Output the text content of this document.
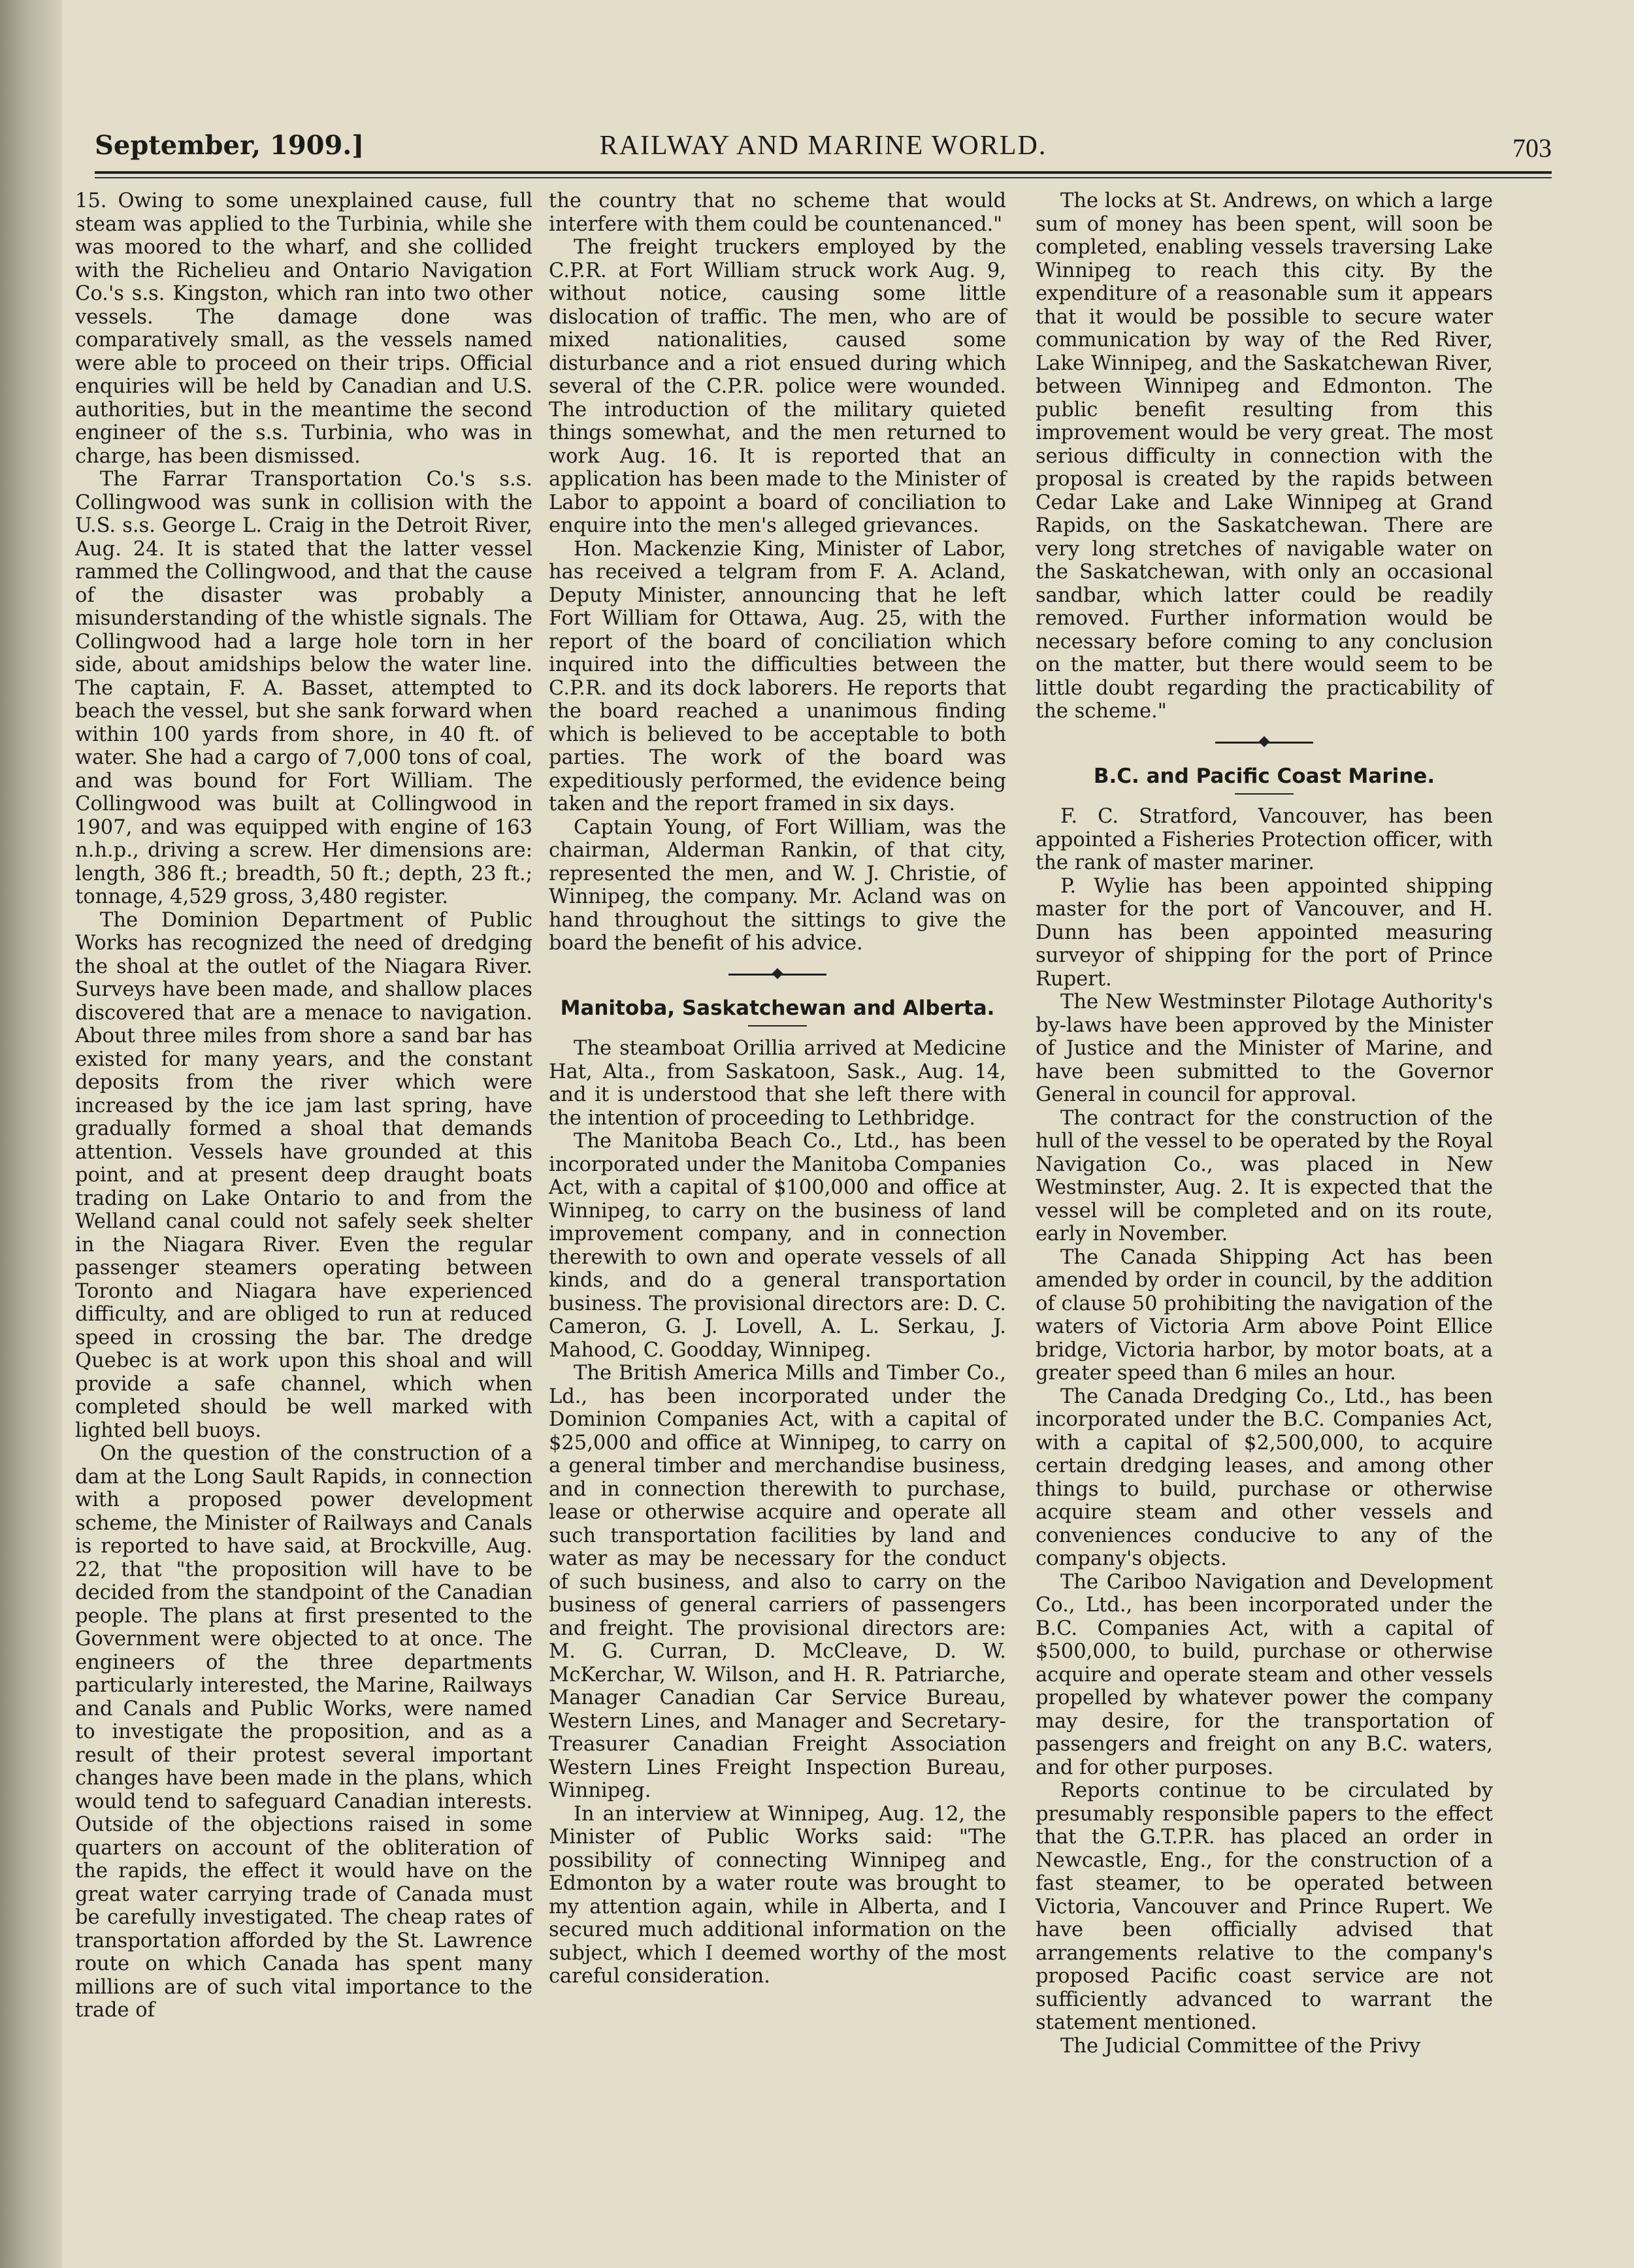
September, 1909.]	RAILWAY AND MARINE WORLD.	703

15. Owing to some unexplained cause, full steam was applied to the Turbinia, while she was moored to the wharf, and she collided with the Richelieu and Ontario Navigation Co.'s s.s. Kingston, which ran into two other vessels. The damage done was comparatively small, as the vessels named were able to proceed on their trips. Official enquiries will be held by Canadian and U.S. authorities, but in the meantime the second engineer of the s.s. Turbinia, who was in charge, has been dismissed.

The Farrar Transportation Co.'s s.s. Collingwood was sunk in collision with the U.S. s.s. George L. Craig in the Detroit River, Aug. 24. It is stated that the latter vessel rammed the Collingwood, and that the cause of the disaster was probably a misunderstanding of the whistle signals. The Collingwood had a large hole torn in her side, about amidships below the water line. The captain, F. A. Basset, attempted to beach the vessel, but she sank forward when within 100 yards from shore, in 40 ft. of water. She had a cargo of 7,000 tons of coal, and was bound for Fort William. The Collingwood was built at Collingwood in 1907, and was equipped with engine of 163 n.h.p., driving a screw. Her dimensions are: length, 386 ft.; breadth, 50 ft.; depth, 23 ft.; tonnage, 4,529 gross, 3,480 register.

The Dominion Department of Public Works has recognized the need of dredging the shoal at the outlet of the Niagara River. Surveys have been made, and shallow places discovered that are a menace to navigation. About three miles from shore a sand bar has existed for many years, and the constant deposits from the river which were increased by the ice jam last spring, have gradually formed a shoal that demands attention. Vessels have grounded at this point, and at present deep draught boats trading on Lake Ontario to and from the Welland canal could not safely seek shelter in the Niagara River. Even the regular passenger steamers operating between Toronto and Niagara have experienced difficulty, and are obliged to run at reduced speed in crossing the bar. The dredge Quebec is at work upon this shoal and will provide a safe channel, which when completed should be well marked with lighted bell buoys.

On the question of the construction of a dam at the Long Sault Rapids, in connection with a proposed power development scheme, the Minister of Railways and Canals is reported to have said, at Brockville, Aug. 22, that "the proposition will have to be decided from the standpoint of the Canadian people. The plans at first presented to the Government were objected to at once. The engineers of the three departments particularly interested, the Marine, Railways and Canals and Public Works, were named to investigate the proposition, and as a result of their protest several important changes have been made in the plans, which would tend to safeguard Canadian interests. Outside of the objections raised in some quarters on account of the obliteration of the rapids, the effect it would have on the great water carrying trade of Canada must be carefully investigated. The cheap rates of transportation afforded by the St. Lawrence route on which Canada has spent many millions are of such vital importance to the trade of

the country that no scheme that would interfere with them could be countenanced."

The freight truckers employed by the C.P.R. at Fort William struck work Aug. 9, without notice, causing some little dislocation of traffic. The men, who are of mixed nationalities, caused some disturbance and a riot ensued during which several of the C.P.R. police were wounded. The introduction of the military quieted things somewhat, and the men returned to work Aug. 16. It is reported that an application has been made to the Minister of Labor to appoint a board of conciliation to enquire into the men's alleged grievances.

Hon. Mackenzie King, Minister of Labor, has received a telgram from F. A. Acland, Deputy Minister, announcing that he left Fort William for Ottawa, Aug. 25, with the report of the board of conciliation which inquired into the difficulties between the C.P.R. and its dock laborers. He reports that the board reached a unanimous finding which is believed to be acceptable to both parties. The work of the board was expeditiously performed, the evidence being taken and the report framed in six days.

Captain Young, of Fort William, was the chairman, Alderman Rankin, of that city, represented the men, and W. J. Christie, of Winnipeg, the company. Mr. Acland was on hand throughout the sittings to give the board the benefit of his advice.

Manitoba, Saskatchewan and Alberta.

The steamboat Orillia arrived at Medicine Hat, Alta., from Saskatoon, Sask., Aug. 14, and it is understood that she left there with the intention of proceeding to Lethbridge.

The Manitoba Beach Co., Ltd., has been incorporated under the Manitoba Companies Act, with a capital of $100,000 and office at Winnipeg, to carry on the business of land improvement company, and in connection therewith to own and operate vessels of all kinds, and do a general transportation business. The provisional directors are: D. C. Cameron, G. J. Lovell, A. L. Serkau, J. Mahood, C. Goodday, Winnipeg.

The British America Mills and Timber Co., Ld., has been incorporated under the Dominion Companies Act, with a capital of $25,000 and office at Winnipeg, to carry on a general timber and merchandise business, and in connection therewith to purchase, lease or otherwise acquire and operate all such transportation facilities by land and water as may be necessary for the conduct of such business, and also to carry on the business of general carriers of passengers and freight. The provisional directors are: M. G. Curran, D. McCleave, D. W. McKerchar, W. Wilson, and H. R. Patriarche, Manager Canadian Car Service Bureau, Western Lines, and Manager and Secretary-Treasurer Canadian Freight Association Western Lines Freight Inspection Bureau, Winnipeg.

In an interview at Winnipeg, Aug. 12, the Minister of Public Works said: "The possibility of connecting Winnipeg and Edmonton by a water route was brought to my attention again, while in Alberta, and I secured much additional information on the subject, which I deemed worthy of the most careful consideration.

The locks at St. Andrews, on which a large sum of money has been spent, will soon be completed, enabling vessels traversing Lake Winnipeg to reach this city. By the expenditure of a reasonable sum it appears that it would be possible to secure water communication by way of the Red River, Lake Winnipeg, and the Saskatchewan River, between Winnipeg and Edmonton. The public benefit resulting from this improvement would be very great. The most serious difficulty in connection with the proposal is created by the rapids between Cedar Lake and Lake Winnipeg at Grand Rapids, on the Saskatchewan. There are very long stretches of navigable water on the Saskatchewan, with only an occasional sandbar, which latter could be readily removed. Further information would be necessary before coming to any conclusion on the matter, but there would seem to be little doubt regarding the practicability of the scheme."

B.C. and Pacific Coast Marine.

F. C. Stratford, Vancouver, has been appointed a Fisheries Protection officer, with the rank of master mariner.

P. Wylie has been appointed shipping master for the port of Vancouver, and H. Dunn has been appointed measuring surveyor of shipping for the port of Prince Rupert.

The New Westminster Pilotage Authority's by-laws have been approved by the Minister of Justice and the Minister of Marine, and have been submitted to the Governor General in council for approval.

The contract for the construction of the hull of the vessel to be operated by the Royal Navigation Co., was placed in New Westminster, Aug. 2. It is expected that the vessel will be completed and on its route, early in November.

The Canada Shipping Act has been amended by order in council, by the addition of clause 50 prohibiting the navigation of the waters of Victoria Arm above Point Ellice bridge, Victoria harbor, by motor boats, at a greater speed than 6 miles an hour.

The Canada Dredging Co., Ltd., has been incorporated under the B.C. Companies Act, with a capital of $2,500,000, to acquire certain dredging leases, and among other things to build, purchase or otherwise acquire steam and other vessels and conveniences conducive to any of the company's objects.

The Cariboo Navigation and Development Co., Ltd., has been incorporated under the B.C. Companies Act, with a capital of $500,000, to build, purchase or otherwise acquire and operate steam and other vessels propelled by whatever power the company may desire, for the transportation of passengers and freight on any B.C. waters, and for other purposes.

Reports continue to be circulated by presumably responsible papers to the effect that the G.T.P.R. has placed an order in Newcastle, Eng., for the construction of a fast steamer, to be operated between Victoria, Vancouver and Prince Rupert. We have been officially advised that arrangements relative to the company's proposed Pacific coast service are not sufficiently advanced to warrant the statement mentioned.

The Judicial Committee of the Privy
